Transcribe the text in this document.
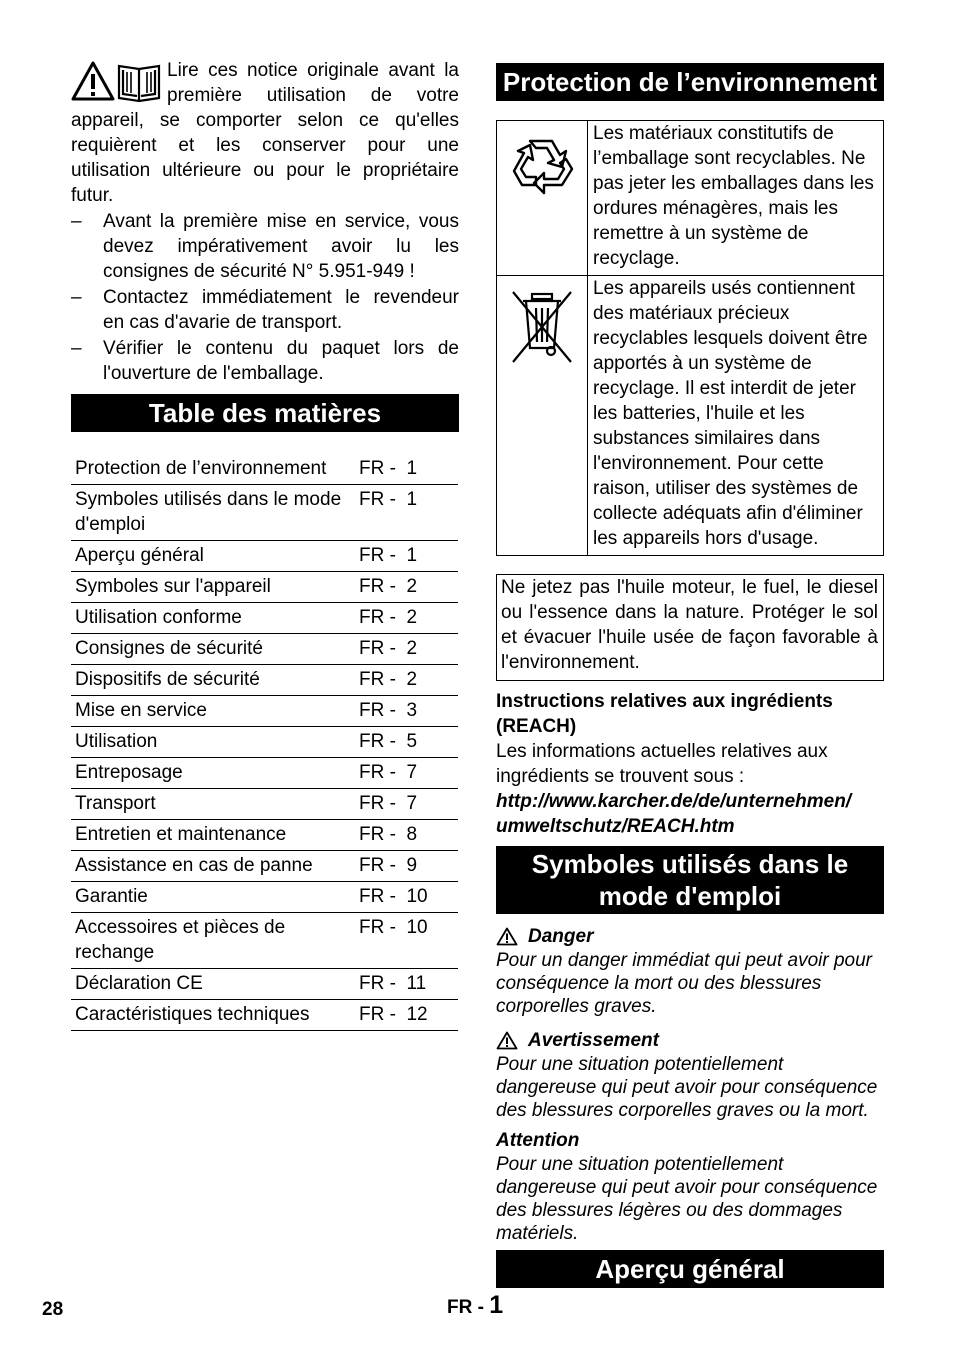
Lire ces notice originale avant la première utilisation de votre appareil, se comporter selon ce qu'elles requièrent et les conserver pour une utilisation ultérieure ou pour le propriétaire futur.

– Avant la première mise en service, vous devez impérativement avoir lu les consignes de sécurité N° 5.951-949 !
– Contactez immédiatement le revendeur en cas d'avarie de transport.
– Vérifier le contenu du paquet lors de l'ouverture de l'emballage.
Table des matières
Protection de l’environnement	FR -  1
Symboles utilisés dans le mode d'emploi	FR -  1
Aperçu général	FR -  1
Symboles sur l'appareil	FR -  2
Utilisation conforme	FR -  2
Consignes de sécurité	FR -  2
Dispositifs de sécurité	FR -  2
Mise en service	FR -  3
Utilisation	FR -  5
Entreposage	FR -  7
Transport	FR -  7
Entretien et maintenance	FR -  8
Assistance en cas de panne	FR -  9
Garantie	FR -  10
Accessoires et pièces de rechange	FR -  10
Déclaration CE	FR -  11
Caractéristiques techniques	FR -  12
Protection de l’environnement
	Les matériaux constitutifs de l’emballage sont recyclables. Ne pas jeter les emballages dans les ordures ménagères, mais les remettre à un système de recyclage.
	Les appareils usés contiennent des matériaux précieux recyclables lesquels doivent être apportés à un système de recyclage. Il est interdit de jeter les batteries, l'huile et les substances similaires dans l'environnement. Pour cette raison, utiliser des systèmes de collecte adéquats afin d'éliminer les appareils hors d'usage.
Ne jetez pas l'huile moteur, le fuel, le diesel ou l'essence dans la nature. Protéger le sol et évacuer l'huile usée de façon favorable à l'environnement.
Instructions relatives aux ingrédients (REACH)

Les informations actuelles relatives aux ingrédients se trouvent sous :

http://www.karcher.de/de/unternehmen/
umweltschutz/REACH.htm
Symboles utilisés dans le
mode d'emploi
Danger

Pour un danger immédiat qui peut avoir pour conséquence la mort ou des blessures corporelles graves.

Avertissement

Pour une situation potentiellement dangereuse qui peut avoir pour conséquence des blessures corporelles graves ou la mort.

Attention

Pour une situation potentiellement dangereuse qui peut avoir pour conséquence des blessures légères ou des dommages matériels.

Aperçu général
28	FR - 1
